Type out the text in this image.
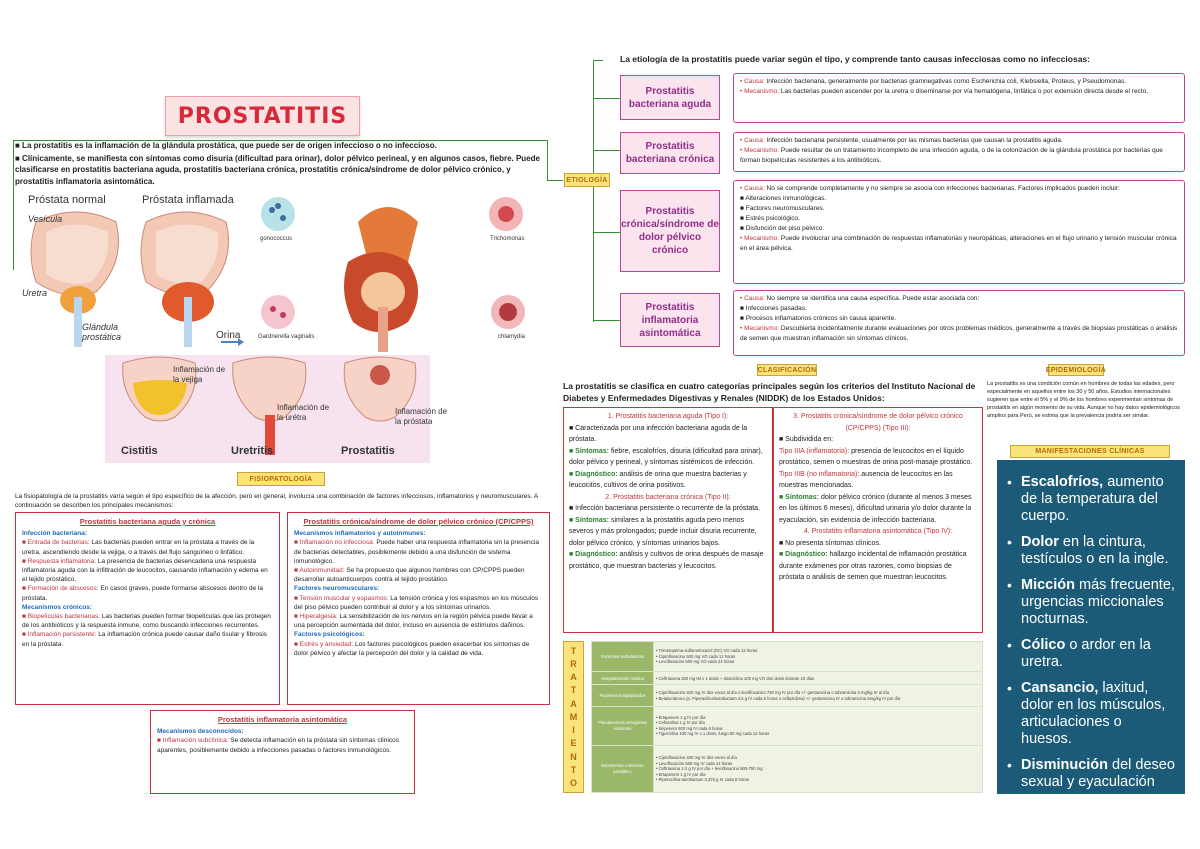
PROSTATITIS

■ La prostatitis es la inflamación de la glándula prostática, que puede ser de origen infeccioso o no infeccioso.

■ Clínicamente, se manifiesta con síntomas como disuria (dificultad para orinar), dolor pélvico perineal, y en algunos casos, fiebre. Puede clasificarse en prostatitis bacteriana aguda, prostatitis bacteriana crónica, prostatitis crónica/síndrome de dolor pélvico crónico, y prostatitis inflamatoria asintomática.

Próstata normal	Próstata inflamada
Vesícula
Uretra
Glándula prostática	Orina
gonococcus	Trichomonas
Gardnerella vaginalis	chlamydia
Inflamación de la vejiga
Inflamación de la urétra
Inflamación de la próstata
Cistitis	Uretritis	Prostatitis
FISIOPATOLOGÍA
La fisiopatología de la prostatitis varía según el tipo específico de la afección, pero en general, involucra una combinación de factores infecciosos, inflamatorios y neuromusculares. A continuación se describen los principales mecanismos:
Prostatitis bacteriana aguda y crónica
Infección bacteriana:
■ Entrada de bacterias: Las bacterias pueden entrar en la próstata a través de la uretra, ascendiendo desde la vejiga, o a través del flujo sanguíneo o linfático.
■ Respuesta inflamatoria: La presencia de bacterias desencadena una respuesta inflamatoria aguda con la infiltración de leucocitos, causando inflamación y edema en el tejido prostático.
■ Formación de abscesos: En casos graves, puede formarse abscesos dentro de la próstata.
Mecanismos crónicos:
■ Biopelículas bacterianas: Las bacterias pueden formar biopelículas que las protegen de los antibióticos y la respuesta inmune, como buscando infecciones recurrentes.
■ Inflamación persistente: La inflamación crónica puede causar daño tisular y fibrosis en la próstata.
Prostatitis crónica/síndrome de dolor pélvico crónico (CP/CPPS)
Mecanismos inflamatorios y autoinmunes:
■ Inflamación no infecciosa: Puede haber una respuesta inflamatoria sin la presencia de bacterias detectables, posiblemente debido a una disfunción de sistema inmunológico.
■ Autoinmunidad: Se ha propuesto que algunos hombres con CP/CPPS pueden desarrollar autoanticuerpos contra el tejido prostático.
Factores neuromusculares:
■ Tensión muscular y espasmos: La tensión crónica y los espasmos en los músculos del piso pélvico pueden contribuir al dolor y a los síntomas urinarios.
■ Hiperalgesia: La sensibilización de los nervios en la región pélvica puede llevar a una percepción aumentada del dolor, incluso en ausencia de estímulos dañinos.
Factores psicológicos:
■ Estrés y ansiedad: Los factores psicológicos pueden exacerbar los síntomas de dolor pélvico y afectar la percepción del dolor y la calidad de vida.
Prostatitis inflamatoria asintomática
Mecanismos desconocidos:
■ Inflamación subclínica: Se detecta inflamación en la próstata sin síntomas clínicos aparentes, posiblemente debido a infecciones pasadas o factores inmunológicos.
La etiología de la prostatitis puede variar según el tipo, y comprende tanto causas infecciosas como no infecciosas:
ETIOLOGÍA
Prostatitis bacteriana aguda
• Causa: Infección bacteriana, generalmente por bacterias gramnegativas como Escherichia coli, Klebsiella, Proteus, y Pseudomonas.
• Mecanismo: Las bacterias pueden ascender por la uretra o diseminarse por vía hematógena, linfática o por extensión directa desde el recto.
Prostatitis bacteriana crónica
• Causa: Infección bacteriana persistente, usualmente por las mismas bacterias que causan la prostatitis aguda.
• Mecanismo: Puede resultar de un tratamiento incompleto de una infección aguda, o de la colonización de la glándula prostática por bacterias que forman biopelículas resistentes a los antibióticos.
Prostatitis crónica/síndrome de dolor pélvico crónico
• Causa: No se comprende completamente y no siempre se asocia con infecciones bacterianas. Factores implicados pueden incluir:
■ Alteraciones inmunológicas.
■ Factores neuromusculares.
■ Estrés psicológico.
■ Disfunción del piso pélvico.
• Mecanismo: Puede involucrar una combinación de respuestas inflamatorias y neuropáticas, alteraciones en el flujo urinario y tensión muscular crónica en el área pélvica.
Prostatitis inflamatoria asintomática
• Causa: No siempre se identifica una causa específica. Puede estar asociada con:
■ Infecciones pasadas.
■ Procesos inflamatorios crónicos sin causa aparente.
• Mecanismo: Descubierta incidentalmente durante evaluaciones por otros problemas médicos, generalmente a través de biopsias prostáticas o análisis de semen que muestran inflamación sin síntomas clínicos.
CLASIFICACIÓN	EPIDEMIOLOGÍA
La prostatitis se clasifica en cuatro categorías principales según los criterios del Instituto Nacional de Diabetes y Enfermedades Digestivas y Renales (NIDDK) de los Estados Unidos:
1. Prostatitis bacteriana aguda (Tipo I):
■ Caracterizada por una infección bacteriana aguda de la próstata.
■ Síntomas: fiebre, escalofríos, disuria (dificultad para orinar), dolor pélvico y perineal, y síntomas sistémicos de infección.
■ Diagnóstico: análisis de orina que muestra bacterias y leucocitos, cultivos de orina positivos.
2. Prostatitis bacteriana crónica (Tipo II):
■ Infección bacteriana persistente o recurrente de la próstata.
■ Síntomas: similares a la prostatitis aguda pero menos severos y más prolongados; puede incluir disuria recurrente, dolor pélvico crónico, y síntomas urinarios bajos.
■ Diagnóstico: análisis y cultivos de orina después de masaje prostático, que muestran bacterias y leucocitos.
3. Prostatitis crónica/síndrome de dolor pélvico crónico (CP/CPPS) (Tipo III):
■ Subdividida en:
Tipo IIIA (inflamatoria): presencia de leucocitos en el líquido prostático, semen o muestras de orina post-masaje prostático.
Tipo IIIB (no inflamatoria): ausencia de leucocitos en las muestras mencionadas.
■ Síntomas: dolor pélvico crónico (durante al menos 3 meses en los últimos 6 meses), dificultad urinaria y/o dolor durante la eyaculación, sin evidencia de infección bacteriana.
4. Prostatitis inflamatoria asintomática (Tipo IV):
■ No presenta síntomas clínicos.
■ Diagnóstico: hallazgo incidental de inflamación prostática durante exámenes por otras razones, como biopsias de próstata o análisis de semen que muestran leucocitos.
La prostatitis es una condición común en hombres de todas las edades, pero especialmente en aquellos entre los 30 y 50 años. Estudios internacionales sugieren que entre el 5% y el 9% de los hombres experimentan síntomas de prostatitis en algún momento de su vida. Aunque no hay datos epidemiológicos amplios para Perú, se estima que la prevalencia podría ser similar.
MANIFESTACIONES CLÍNICAS
• Escalofríos, aumento de la temperatura del cuerpo.
• Dolor en la cintura, testículos o en la ingle.
• Micción más frecuente, urgencias miccionales nocturnas.
• Cólico o ardor en la uretra.
• Cansancio, laxitud, dolor en los músculos, articulaciones o huesos.
• Disminución del deseo sexual y eyaculación precoz.
T
R
A
T
A
M
I
E
N
T
O
Pacientes ambulatorios	• Trimetoprima-sulfametoxazol (DC) VO cada 12 horas
• Ciprofloxacino 500 mg VO cada 12 horas
• Levofloxacino 500 mg VO cada 24 horas

Hospitalización médica	• Ceftriaxona 250 mg IM x 1 dosis + doxiciclina 100 mg VO dos dosis durante 10 días

Pacientes hospitalizados	• Ciprofloxacino 400 mg IV dos veces al día o levofloxacino 750 mg IV por día +/- gentamicina o tobramicina 5 mg/kg IV al día
• Betalactámico (p. Piperacilina/tazobactam 4,5 g IV cada 6 horas o ceftazidima) +/- gentamicina IV o tobramicina 5mg/kg IV por día

Pseudomonas aeruginosa resistente	• Ertapenem 1 g IV por día
• Cefazolina 1 g IV por día
• Imipenem 500 mg IV cada 6 horas
• Tigeciclina 100 mg IV x 1 dosis, luego 50 mg cada 12 horas

Bacteriemia o absceso prostático	• Ciprofloxacino 400 mg IV dos veces al día
• Levofloxacino 500 mg IV cada 24 horas
• Ceftriaxona 1-2 g IV por día + levofloxacino 500-750 mg
• Ertapenem 1 g IV por día
• Piperacilina-tazobactam 3,375 g IV cada 6 horas
